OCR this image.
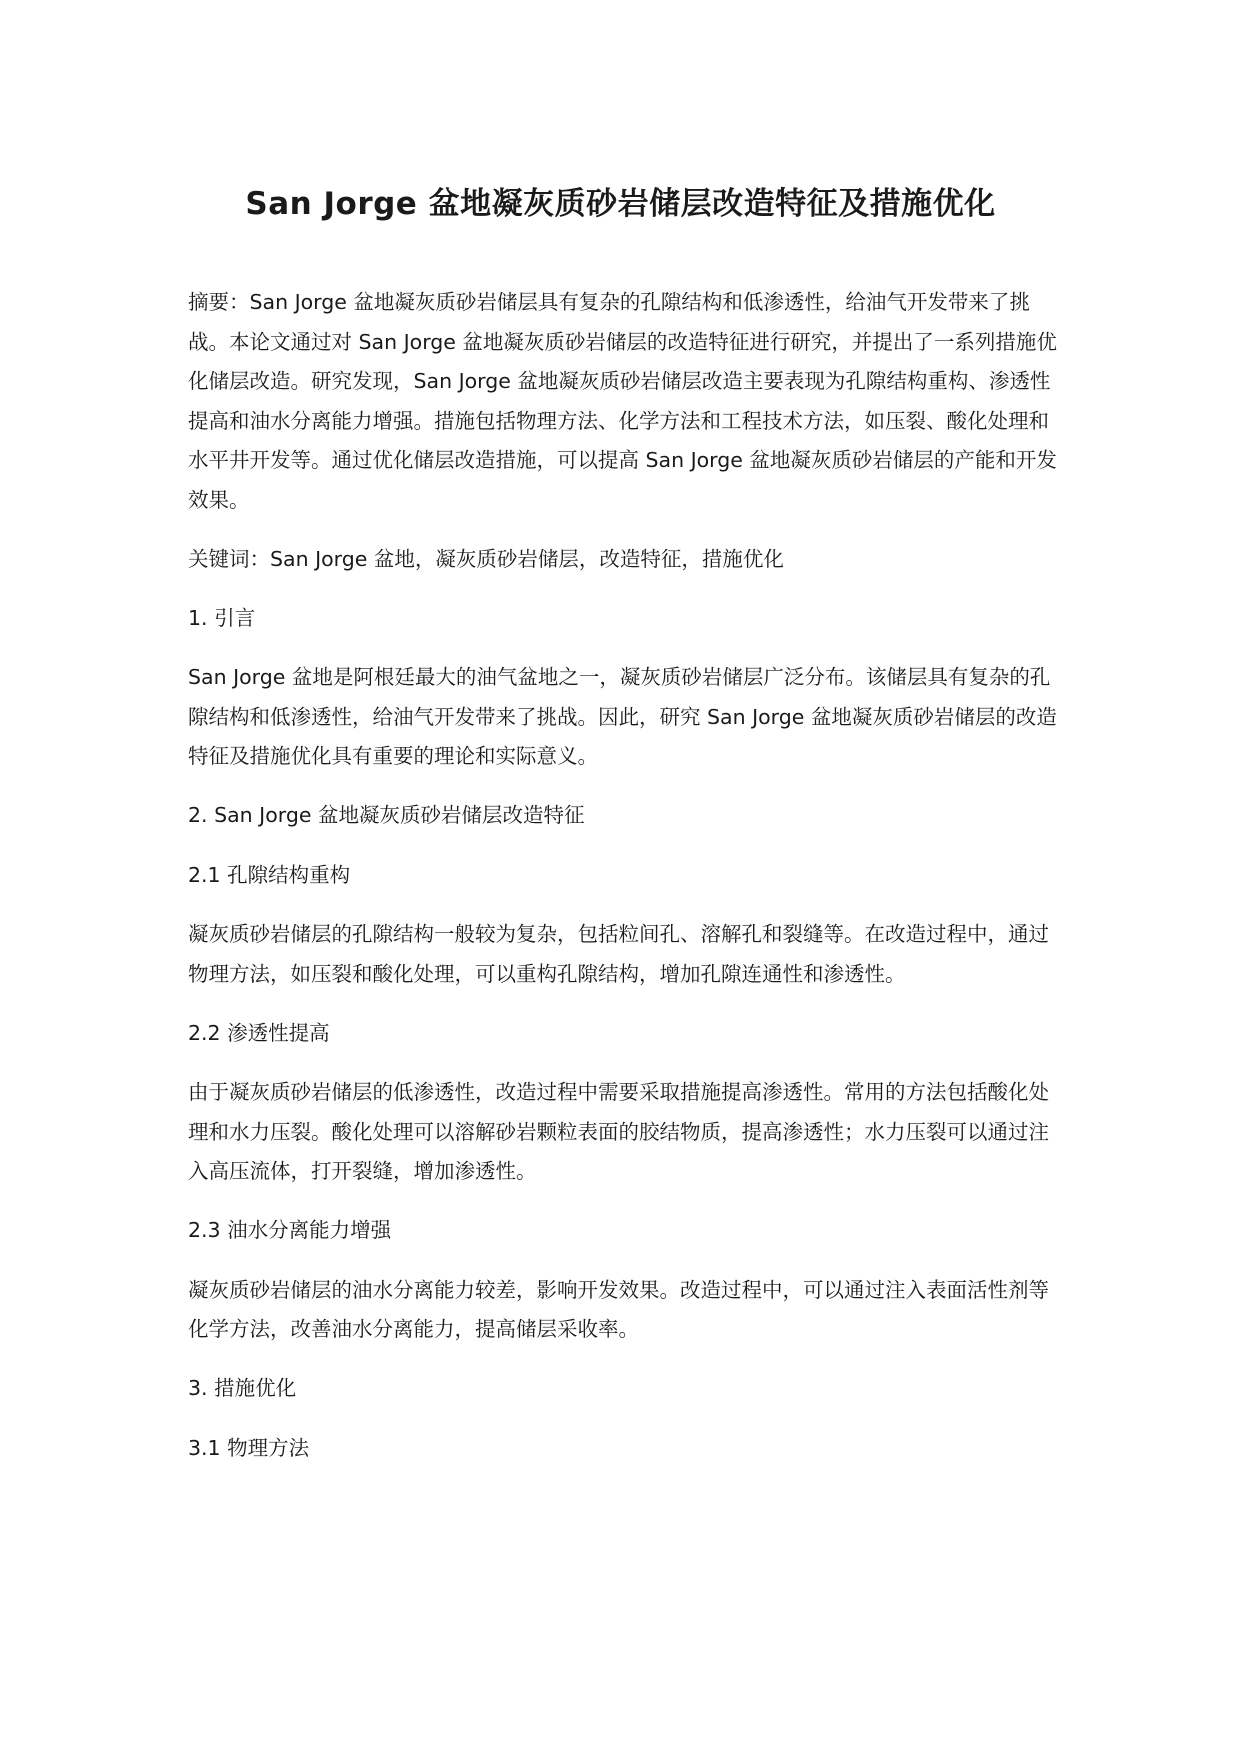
San Jorge 盆地凝灰质砂岩储层改造特征及措施优化

摘要：San Jorge 盆地凝灰质砂岩储层具有复杂的孔隙结构和低渗透性，给油气开发带来了挑战。本论文通过对 San Jorge 盆地凝灰质砂岩储层的改造特征进行研究，并提出了一系列措施优化储层改造。研究发现，San Jorge 盆地凝灰质砂岩储层改造主要表现为孔隙结构重构、渗透性提高和油水分离能力增强。措施包括物理方法、化学方法和工程技术方法，如压裂、酸化处理和水平井开发等。通过优化储层改造措施，可以提高 San Jorge 盆地凝灰质砂岩储层的产能和开发效果。

关键词：San Jorge 盆地，凝灰质砂岩储层，改造特征，措施优化

1. 引言

San Jorge 盆地是阿根廷最大的油气盆地之一，凝灰质砂岩储层广泛分布。该储层具有复杂的孔隙结构和低渗透性，给油气开发带来了挑战。因此，研究 San Jorge 盆地凝灰质砂岩储层的改造特征及措施优化具有重要的理论和实际意义。

2. San Jorge 盆地凝灰质砂岩储层改造特征

2.1 孔隙结构重构

凝灰质砂岩储层的孔隙结构一般较为复杂，包括粒间孔、溶解孔和裂缝等。在改造过程中，通过物理方法，如压裂和酸化处理，可以重构孔隙结构，增加孔隙连通性和渗透性。

2.2 渗透性提高

由于凝灰质砂岩储层的低渗透性，改造过程中需要采取措施提高渗透性。常用的方法包括酸化处理和水力压裂。酸化处理可以溶解砂岩颗粒表面的胶结物质，提高渗透性；水力压裂可以通过注入高压流体，打开裂缝，增加渗透性。

2.3 油水分离能力增强

凝灰质砂岩储层的油水分离能力较差，影响开发效果。改造过程中，可以通过注入表面活性剂等化学方法，改善油水分离能力，提高储层采收率。

3. 措施优化

3.1 物理方法
